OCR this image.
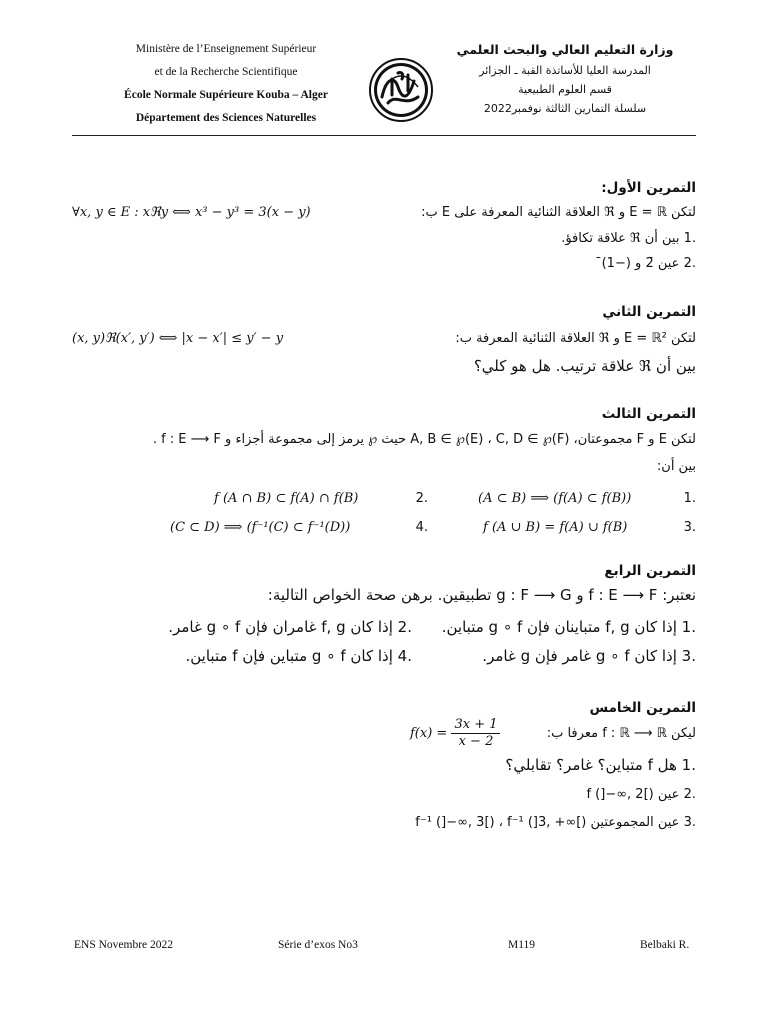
Ministère de l’Enseignement Supérieur
et de la Recherche Scientifique
École Normale Supérieure Kouba – Alger
Département des Sciences Naturelles
وزارة التعليم العالي والبحث العلمي
المدرسة العليا للأساتذة القبة ـ الجزائر
قسم العلوم الطبيعية
سلسلة التمارين الثالثة نوفمبر2022
التمرين الأول:
∀x, y ∈ E : xℜy ⟺ x³ − y³ = 3(x − y)	لتكن E = ℝ و ℜ العلاقة الثنائية المعرفة على E ب:
.1 بين أن ℜ علاقة تكافؤ.
.2 عين 2̄ و (−1)̄
التمرين الثاني
(x, y)ℜ(x′, y′) ⟺ |x − x′| ≤ y′ − y	لتكن E = ℝ² و ℜ العلاقة الثنائية المعرفة ب:
بين أن ℜ علاقة ترتيب. هل هو كلي؟
التمرين الثالث
لتكن E و F مجموعتان، A, B ∈ ℘(E) ، C, D ∈ ℘(F) حيث ℘ يرمز إلى مجموعة أجزاء و f : E ⟶ F .
بين أن:
.1
(A ⊂ B) ⟹ (f(A) ⊂ f(B))
.2
f (A ∩ B) ⊂ f(A) ∩ f(B)
.3
f (A ∪ B) = f(A) ∪ f(B)
.4
(C ⊂ D) ⟹ (f⁻¹(C) ⊂ f⁻¹(D))
التمرين الرابع
نعتبر: f : E ⟶ F و g : F ⟶ G تطبيقين. برهن صحة الخواص التالية:
.1 إذا كان f, g متباينان فإن g ∘ f متباين.
.2 إذا كان f, g غامران فإن g ∘ f غامر.
.3 إذا كان g ∘ f غامر فإن g غامر.
.4 إذا كان g ∘ f متباين فإن f متباين.
التمرين الخامس
ليكن f : ℝ ⟶ ℝ معرفا ب:
$f(x) = \frac{3x + 1}{x - 2}$
.1 هل f متباين؟ غامر؟ تقابلي؟
.2 عين f (]−∞, 2[)
.3 عين المجموعتين f⁻¹ (]−∞, 3[) ، f⁻¹ (]3, +∞[)
ENS Novembre 2022	Série d’exos No3	M119	Belbaki R.
